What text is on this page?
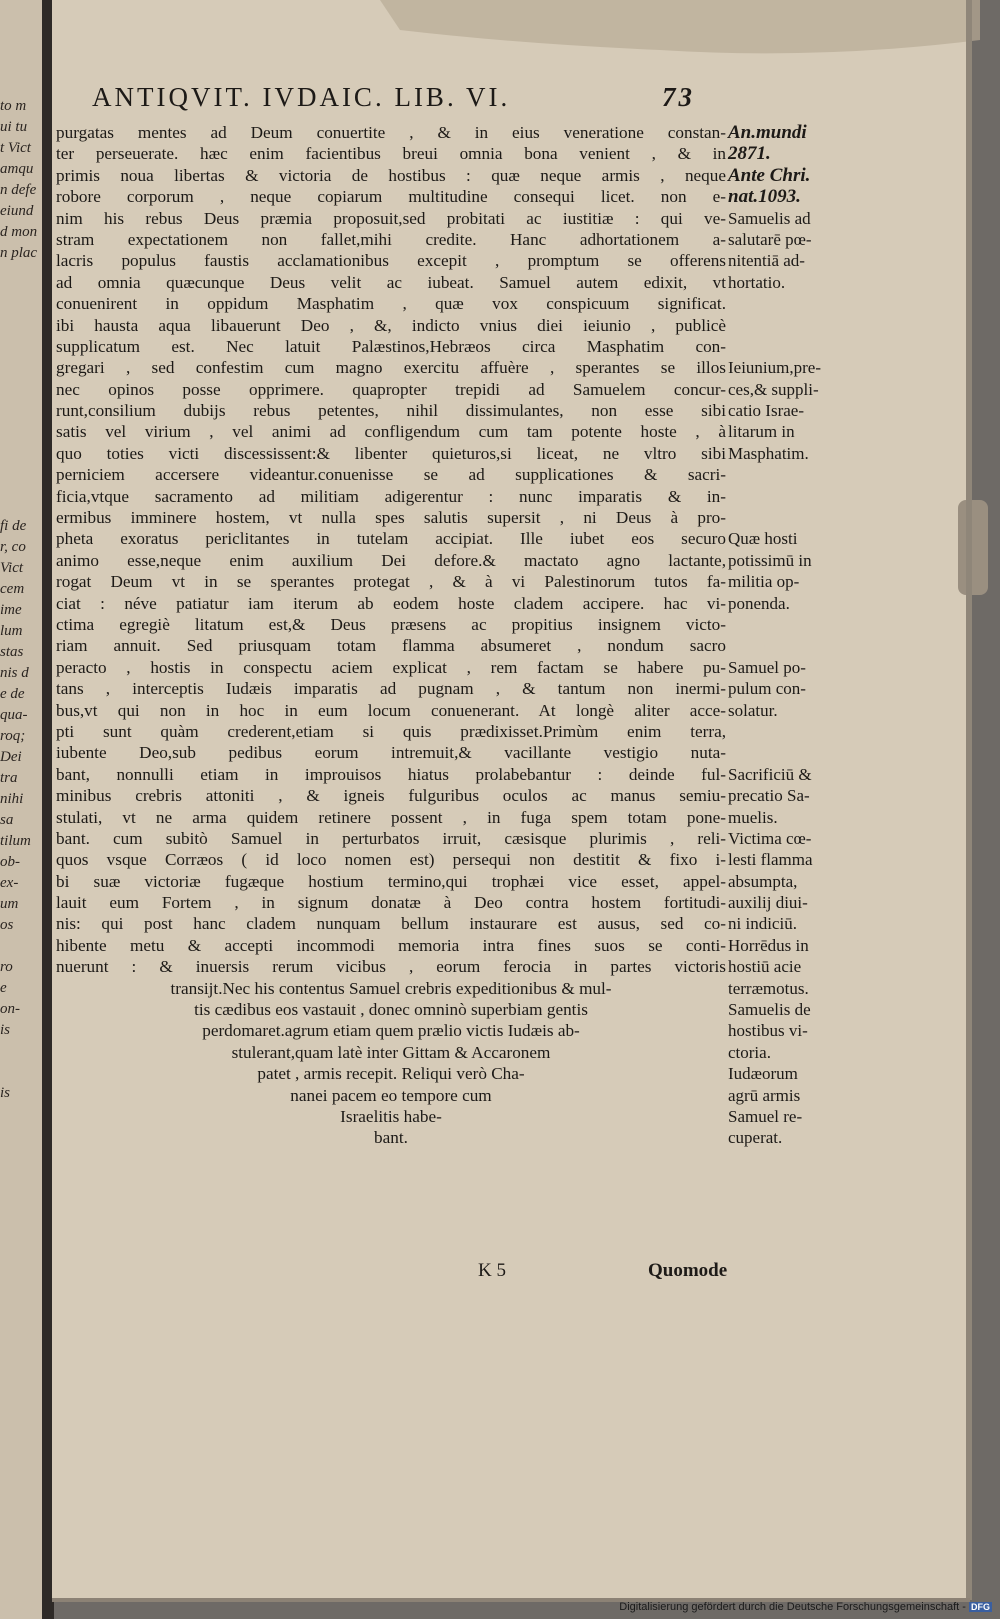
to m
ui tu
t Vict
amqu
n defe
eiund
d mon
n plac
fi de
r, co
Vict
cem
ime
lum
stas
nis d
e de
qua-
roq;
Dei
tra
nihi
sa
tilum
ob-
ex-
um
os
ro
e
on-
is
is
ANTIQVIT. IVDAIC. LIB. VI.	73
purgatas mentes ad Deum conuertite , & in eius veneratione constan-
ter perseuerate. hæc enim facientibus breui omnia bona venient , & in
primis noua libertas & victoria de hostibus : quæ neque armis , neque
robore corporum , neque copiarum multitudine consequi licet. non e-
nim his rebus Deus præmia proposuit,sed probitati ac iustitiæ : qui ve-
stram expectationem non fallet,mihi credite. Hanc adhortationem a-
lacris populus faustis acclamationibus excepit , promptum se offerens
ad omnia quæcunque Deus velit ac iubeat. Samuel autem edixit, vt
conuenirent in oppidum Masphatim , quæ vox conspicuum significat.
ibi hausta aqua libauerunt Deo , &, indicto vnius diei ieiunio , publicè
supplicatum est. Nec latuit Palæstinos,Hebræos circa Masphatim con-
gregari , sed confestim cum magno exercitu affuère , sperantes se illos
nec opinos posse opprimere. quapropter trepidi ad Samuelem concur-
runt,consilium dubijs rebus petentes, nihil dissimulantes, non esse sibi
satis vel virium , vel animi ad confligendum cum tam potente hoste , à
quo toties victi discessissent:& libenter quieturos,si liceat, ne vltro sibi
perniciem accersere videantur.conuenisse se ad supplicationes & sacri-
ficia,vtque sacramento ad militiam adigerentur : nunc imparatis & in-
ermibus imminere hostem, vt nulla spes salutis supersit , ni Deus à pro-
pheta exoratus periclitantes in tutelam accipiat. Ille iubet eos securo
animo esse,neque enim auxilium Dei defore.& mactato agno lactante,
rogat Deum vt in se sperantes protegat , & à vi Palestinorum tutos fa-
ciat : néve patiatur iam iterum ab eodem hoste cladem accipere. hac vi-
ctima egregiè litatum est,& Deus præsens ac propitius insignem victo-
riam annuit. Sed priusquam totam flamma absumeret , nondum sacro
peracto , hostis in conspectu aciem explicat , rem factam se habere pu-
tans , interceptis Iudæis imparatis ad pugnam , & tantum non inermi-
bus,vt qui non in hoc in eum locum conuenerant. At longè aliter acce-
pti sunt quàm crederent,etiam si quis prædixisset.Primùm enim terra,
iubente Deo,sub pedibus eorum intremuit,& vacillante vestigio nuta-
bant, nonnulli etiam in improuisos hiatus prolabebantur : deinde ful-
minibus crebris attoniti , & igneis fulguribus oculos ac manus semiu-
stulati, vt ne arma quidem retinere possent , in fuga spem totam pone-
bant. cum subitò Samuel in perturbatos irruit, cæsisque plurimis , reli-
quos vsque Corræos ( id loco nomen est) persequi non destitit & fixo i-
bi suæ victoriæ fugæque hostium termino,qui trophæi vice esset, appel-
lauit eum Fortem , in signum donatæ à Deo contra hostem fortitudi-
nis: qui post hanc cladem nunquam bellum instaurare est ausus, sed co-
hibente metu & accepti incommodi memoria intra fines suos se conti-
nuerunt : & inuersis rerum vicibus , eorum ferocia in partes victoris
transijt.Nec his contentus Samuel crebris expeditionibus & mul-
tis cædibus eos vastauit , donec omninò superbiam gentis
perdomaret.agrum etiam quem prælio victis Iudæis ab-
stulerant,quam latè inter Gittam & Accaronem
patet , armis recepit. Reliqui verò Cha-
nanei pacem eo tempore cum
Israelitis habe-
bant.
An.mundi
2871.
Ante Chri.
nat.1093.
Samuelis ad
salutarē pœ-
nitentiā ad-
hortatio.
Ieiunium,pre-
ces,& suppli-
catio Israe-
litarum in
Masphatim.
Quæ hosti
potissimū in
militia op-
ponenda.
Samuel po-
pulum con-
solatur.
Sacrificiū &
precatio Sa-
muelis.
Victima cœ-
lesti flamma
absumpta,
auxilij diui-
ni indiciū.
Horrēdus in
hostiū acie
terræmotus.
Samuelis de
hostibus vi-
ctoria.
Iudæorum
agrū armis
Samuel re-
cuperat.
K 5	Quomode
Digitalisierung gefördert durch die Deutsche Forschungsgemeinschaft - DFG
